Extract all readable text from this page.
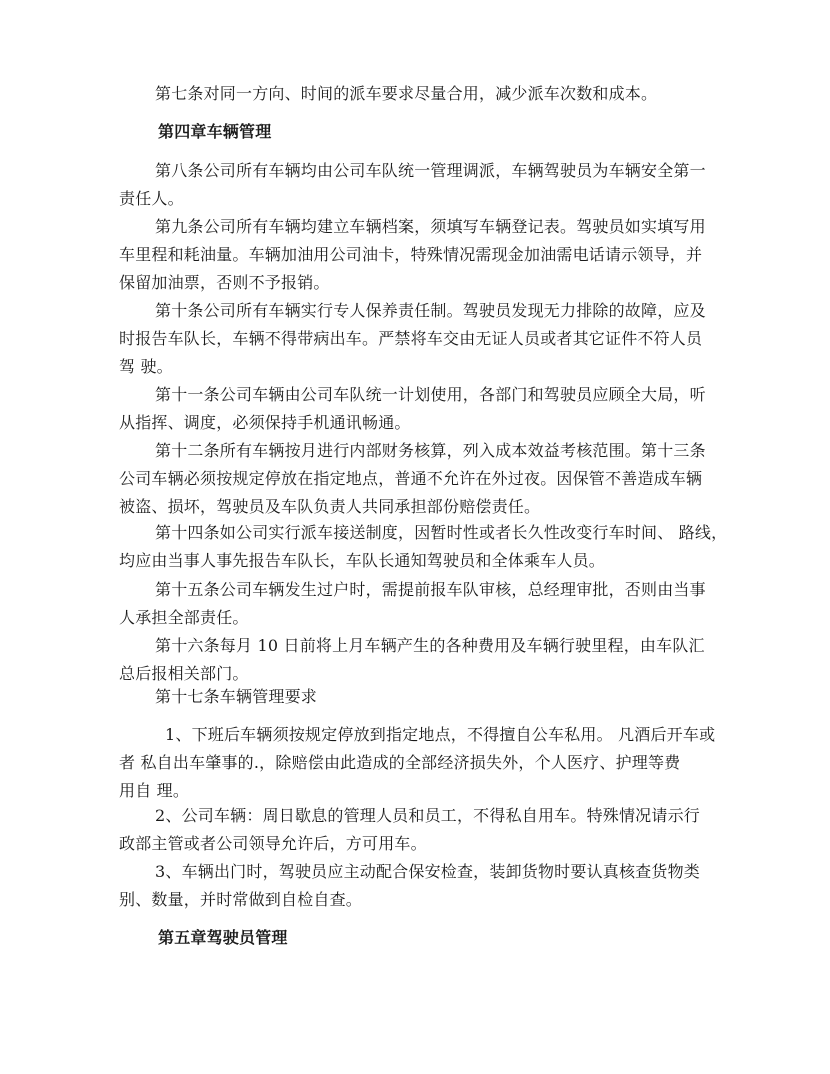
第七条对同一方向、时间的派车要求尽量合用，减少派车次数和成本。

第四章车辆管理

第八条公司所有车辆均由公司车队统一管理调派，车辆驾驶员为车辆安全第一
责任人。

第九条公司所有车辆均建立车辆档案，须填写车辆登记表。驾驶员如实填写用
车里程和耗油量。车辆加油用公司油卡，特殊情况需现金加油需电话请示领导，并
保留加油票，否则不予报销。

第十条公司所有车辆实行专人保养责任制。驾驶员发现无力排除的故障，应及
时报告车队长，车辆不得带病出车。严禁将车交由无证人员或者其它证件不符人员
驾 驶。

第十一条公司车辆由公司车队统一计划使用，各部门和驾驶员应顾全大局，听
从指挥、调度，必须保持手机通讯畅通。

第十二条所有车辆按月进行内部财务核算，列入成本效益考核范围。第十三条
公司车辆必须按规定停放在指定地点，普通不允许在外过夜。因保管不善造成车辆
被盗、损坏，驾驶员及车队负责人共同承担部份赔偿责任。

第十四条如公司实行派车接送制度，因暂时性或者长久性改变行车时间、 路线，
均应由当事人事先报告车队长，车队长通知驾驶员和全体乘车人员。

第十五条公司车辆发生过户时，需提前报车队审核，总经理审批，否则由当事
人承担全部责任。

第十六条每月 10 日前将上月车辆产生的各种费用及车辆行驶里程，由车队汇
总后报相关部门。

第十七条车辆管理要求

1、下班后车辆须按规定停放到指定地点，不得擅自公车私用。 凡酒后开车或
者 私自出车肇事的.，除赔偿由此造成的全部经济损失外，个人医疗、护理等费
用自 理。

2、公司车辆：周日歇息的管理人员和员工，不得私自用车。特殊情况请示行
政部主管或者公司领导允许后，方可用车。

3、车辆出门时，驾驶员应主动配合保安检查，装卸货物时要认真核查货物类
别、数量，并时常做到自检自查。

第五章驾驶员管理
